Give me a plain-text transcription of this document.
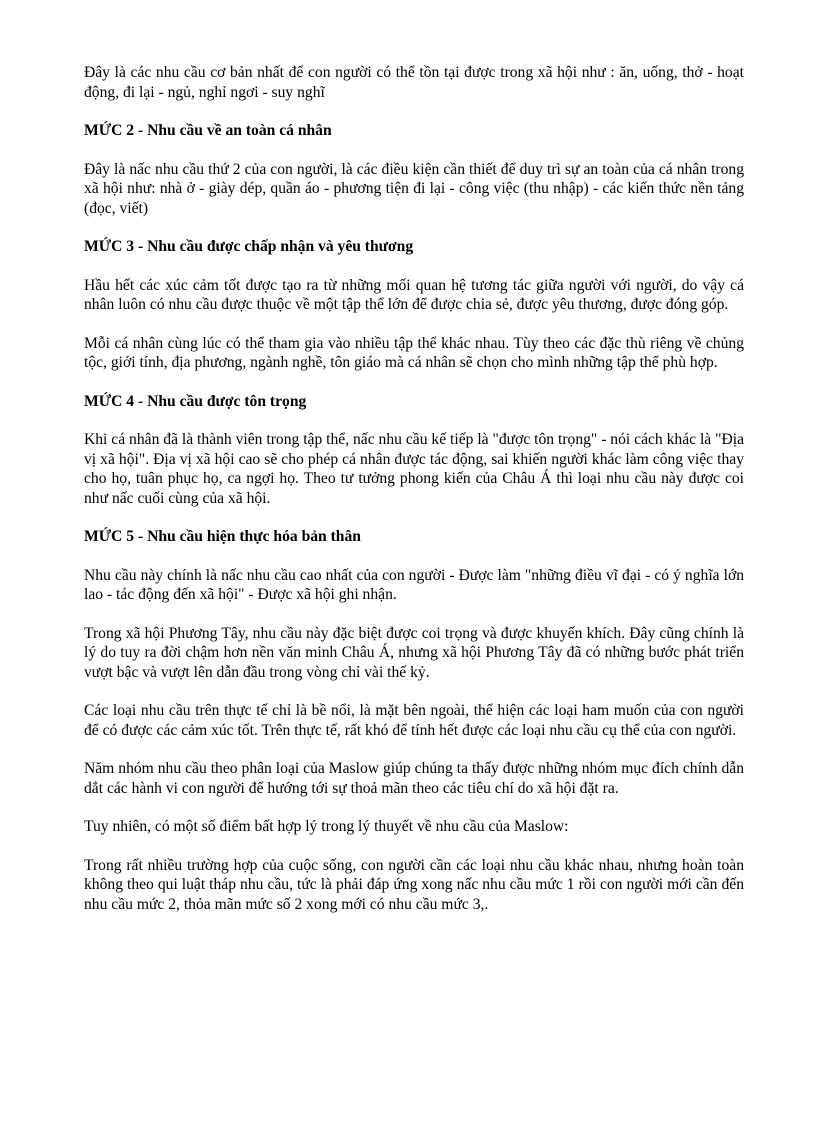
Đây là các nhu cầu cơ bản nhất để con người có thể tồn tại được trong xã hội như : ăn, uống, thở - hoạt động, đi lại - ngủ, nghỉ ngơi - suy nghĩ

MỨC 2 - Nhu cầu về an toàn cá nhân

Đây là nấc nhu cầu thứ 2 của con người, là các điều kiện cần thiết để duy trì sự an toàn của cá nhân trong xã hội như: nhà ở - giày dép, quần áo - phương tiện đi lại - công việc (thu nhập) - các kiến thức nền tảng (đọc, viết)

MỨC 3 - Nhu cầu được chấp nhận và yêu thương

Hầu hết các xúc cảm tốt được tạo ra từ những mối quan hệ tương tác giữa người với người, do vậy cá nhân luôn có nhu cầu được thuộc về một tập thể lớn để được chia sẻ, được yêu thương, được đóng góp.

Mỗi cá nhân cùng lúc có thể tham gia vào nhiều tập thể khác nhau. Tùy theo các đặc thù riêng về chủng tộc, giới tính, địa phương, ngành nghề, tôn giáo mà cá nhân sẽ chọn cho mình những tập thể phù hợp.

MỨC 4 - Nhu cầu được tôn trọng

Khi cá nhân đã là thành viên trong tập thể, nấc nhu cầu kế tiếp là "được tôn trọng" - nói cách khác là "Địa vị xã hội". Địa vị xã hội cao sẽ cho phép cá nhân được tác động, sai khiến người khác làm công việc thay cho họ, tuân phục họ, ca ngợi họ. Theo tư tưởng phong kiến của Châu Á thì loại nhu cầu này được coi như nấc cuối cùng của xã hội.

MỨC 5 - Nhu cầu hiện thực hóa bản thân

Nhu cầu này chính là nấc nhu cầu cao nhất của con người - Được làm "những điều vĩ đại - có ý nghĩa lớn lao - tác động đến xã hội" - Được xã hội ghi nhận.

Trong xã hội Phương Tây, nhu cầu này đặc biệt được coi trọng và được khuyến khích. Đây cũng chính là lý do tuy ra đời chậm hơn nền văn minh Châu Á, nhưng xã hội Phương Tây đã có những bước phát triển vượt bậc và vượt lên dẫn đầu trong vòng chỉ vài thế kỷ.

Các loại nhu cầu trên thực tế chỉ là bề nổi, là mặt bên ngoài, thể hiện các loại ham muốn của con người để có được các cảm xúc tốt. Trên thực tế, rất khó để tính hết được các loại nhu cầu cụ thể của con người.

Năm nhóm nhu cầu theo phân loại của Maslow giúp chúng ta thấy được những nhóm mục đích chính dẫn dắt các hành vi con người để hướng tới sự thoả mãn theo các tiêu chí do xã hội đặt ra.

Tuy nhiên, có một số điểm bất hợp lý trong lý thuyết về nhu cầu của Maslow:

Trong rất nhiều trường hợp của cuộc sống, con người cần các loại nhu cầu khác nhau, nhưng hoàn toàn không theo qui luật tháp nhu cầu, tức là phải đáp ứng xong nấc nhu cầu mức 1 rồi con người mới cần đến nhu cầu mức 2, thỏa mãn mức số 2 xong mới có nhu cầu mức 3,.
